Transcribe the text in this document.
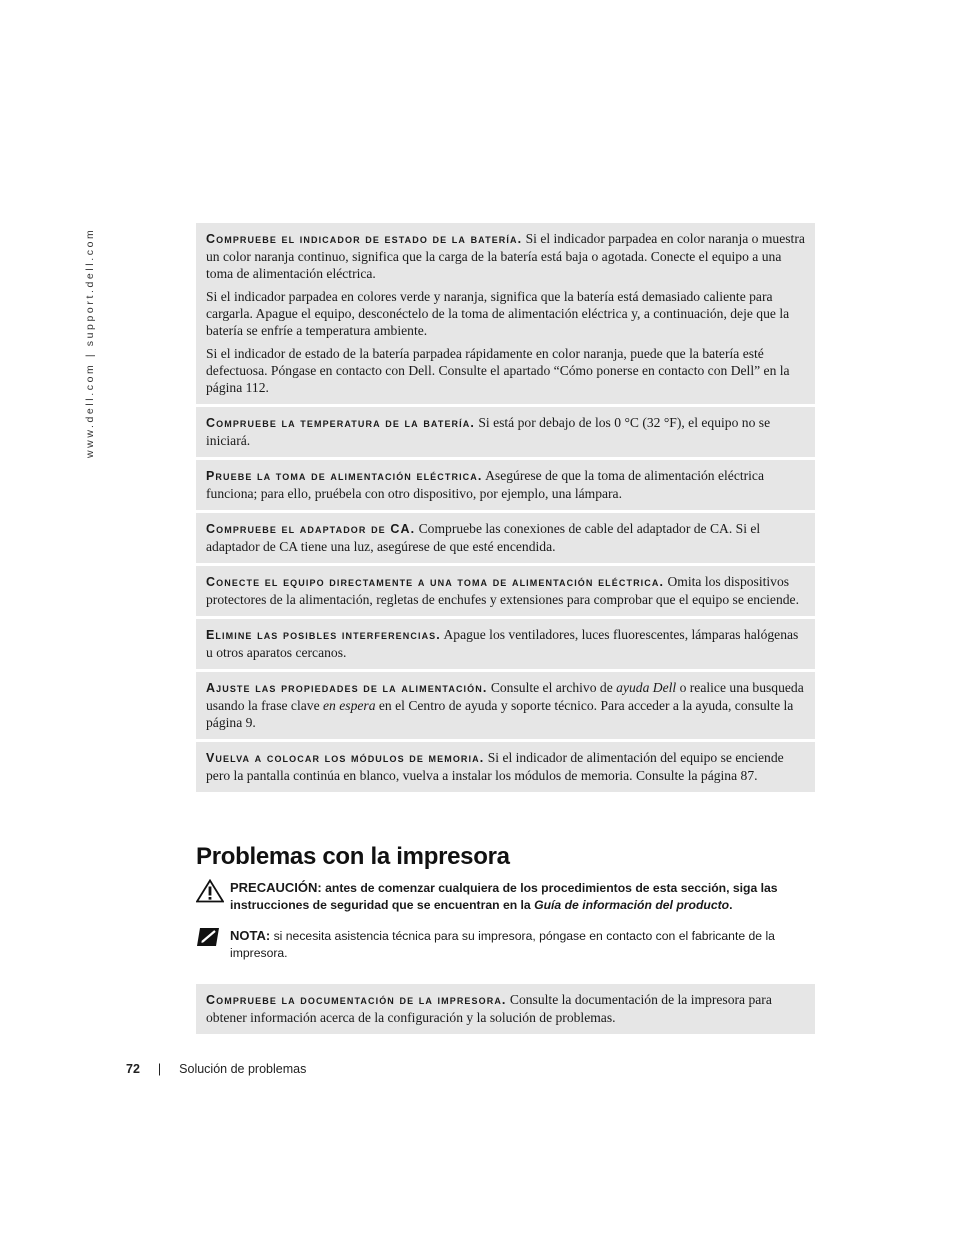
www.dell.com | support.dell.com	Compruebe el indicador de estado de la batería. Si el indicador parpadea en color naranja o muestra un color naranja continuo, significa que la carga de la batería está baja o agotada. Conecte el equipo a una toma de alimentación eléctrica.

Si el indicador parpadea en colores verde y naranja, significa que la batería está demasiado caliente para cargarla. Apague el equipo, desconéctelo de la toma de alimentación eléctrica y, a continuación, deje que la batería se enfríe a temperatura ambiente.

Si el indicador de estado de la batería parpadea rápidamente en color naranja, puede que la batería esté defectuosa. Póngase en contacto con Dell. Consulte el apartado “Cómo ponerse en contacto con Dell” en la página 112.

Compruebe la temperatura de la batería. Si está por debajo de los 0 °C (32 °F), el equipo no se iniciará.

Pruebe la toma de alimentación eléctrica. Asegúrese de que la toma de alimentación eléctrica funciona; para ello, pruébela con otro dispositivo, por ejemplo, una lámpara.

Compruebe el adaptador de CA. Compruebe las conexiones de cable del adaptador de CA. Si el adaptador de CA tiene una luz, asegúrese de que esté encendida.

Conecte el equipo directamente a una toma de alimentación eléctrica. Omita los dispositivos protectores de la alimentación, regletas de enchufes y extensiones para comprobar que el equipo se enciende.

Elimine las posibles interferencias. Apague los ventiladores, luces fluorescentes, lámparas halógenas u otros aparatos cercanos.

Ajuste las propiedades de la alimentación. Consulte el archivo de ayuda Dell o realice una busqueda usando la frase clave en espera en el Centro de ayuda y soporte técnico. Para acceder a la ayuda, consulte la página 9.

Vuelva a colocar los módulos de memoria. Si el indicador de alimentación del equipo se enciende pero la pantalla continúa en blanco, vuelva a instalar los módulos de memoria. Consulte la página 87.

Problemas con la impresora
PRECAUCIÓN: antes de comenzar cualquiera de los procedimientos de esta sección, siga las instrucciones de seguridad que se encuentran en la Guía de información del producto.
NOTA: si necesita asistencia técnica para su impresora, póngase en contacto con el fabricante de la impresora.

Compruebe la documentación de la impresora. Consulte la documentación de la impresora para obtener información acerca de la configuración y la solución de problemas.

72 | Solución de problemas
